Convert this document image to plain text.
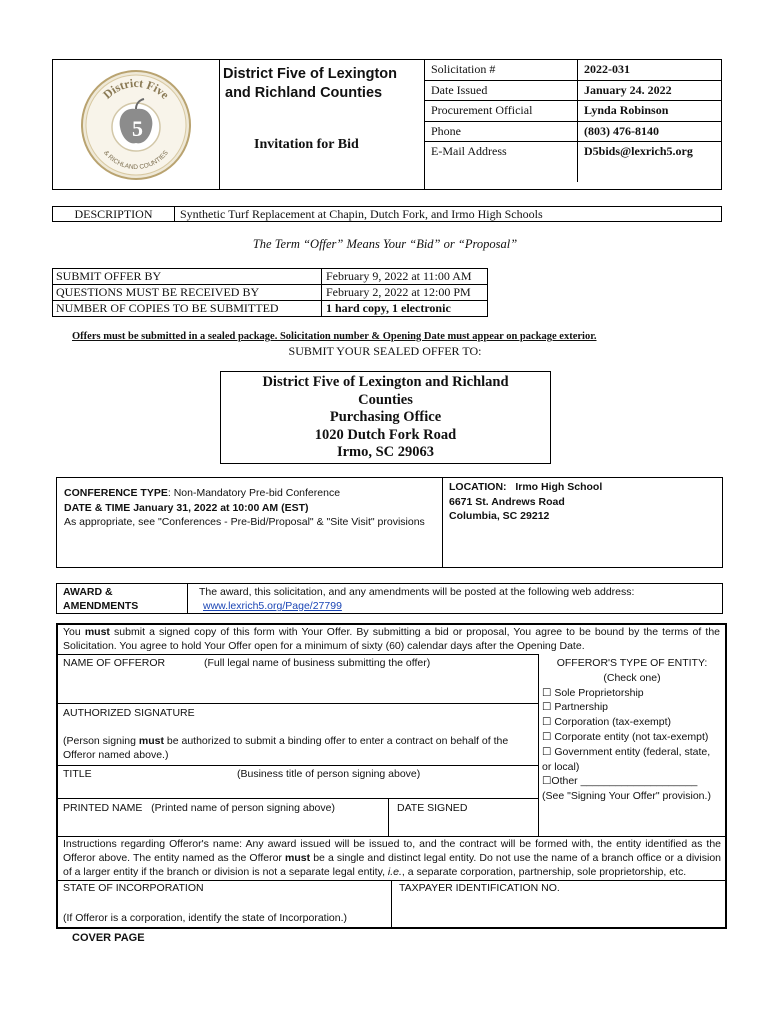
District Five
& RICHLAND COUNTIES
5
District Five of Lexington
and Richland Counties
Invitation for Bid
Solicitation #	2022-031
Date Issued	January 24. 2022
Procurement Official	Lynda Robinson
Phone	(803) 476-8140
E-Mail Address	D5bids@lexrich5.org
DESCRIPTION	Synthetic Turf Replacement at Chapin, Dutch Fork, and Irmo High Schools
The Term “Offer” Means Your “Bid” or “Proposal”
SUBMIT OFFER BY	February 9, 2022 at 11:00 AM
QUESTIONS MUST BE RECEIVED BY	February 2, 2022 at 12:00 PM
NUMBER OF COPIES TO BE SUBMITTED	1 hard copy, 1 electronic
Offers must be submitted in a sealed package. Solicitation number & Opening Date must appear on package exterior.
SUBMIT YOUR SEALED OFFER TO:
District Five of Lexington and Richland
Counties
Purchasing Office
1020 Dutch Fork Road
Irmo, SC 29063
CONFERENCE TYPE: Non-Mandatory Pre-bid Conference
DATE & TIME January 31, 2022 at 10:00 AM (EST)
As appropriate, see "Conferences - Pre-Bid/Proposal" & "Site Visit" provisions
LOCATION: Irmo High School
6671 St. Andrews Road
Columbia, SC 29212
AWARD &
AMENDMENTS
The award, this solicitation, and any amendments will be posted at the following web address:
www.lexrich5.org/Page/27799
You must submit a signed copy of this form with Your Offer. By submitting a bid or proposal, You agree to be bound by the terms of the Solicitation. You agree to hold Your Offer open for a minimum of sixty (60) calendar days after the Opening Date.
NAME OF OFFEROR	(Full legal name of business submitting the offer)
AUTHORIZED SIGNATURE
(Person signing must be authorized to submit a binding offer to enter a contract on behalf of the Offeror named above.)
TITLE	(Business title of person signing above)
PRINTED NAME (Printed name of person signing above)	DATE SIGNED
OFFEROR'S TYPE OF ENTITY:
(Check one)
☐ Sole Proprietorship
☐ Partnership
☐ Corporation (tax-exempt)
☐ Corporate entity (not tax-exempt)
☐ Government entity (federal, state, or local)
☐Other ____________________
(See "Signing Your Offer" provision.)
Instructions regarding Offeror's name: Any award issued will be issued to, and the contract will be formed with, the entity identified as the Offeror above. The entity named as the Offeror must be a single and distinct legal entity. Do not use the name of a branch office or a division of a larger entity if the branch or division is not a separate legal entity, i.e., a separate corporation, partnership, sole proprietorship, etc.
STATE OF INCORPORATION
(If Offeror is a corporation, identify the state of Incorporation.)
TAXPAYER IDENTIFICATION NO.
COVER PAGE
